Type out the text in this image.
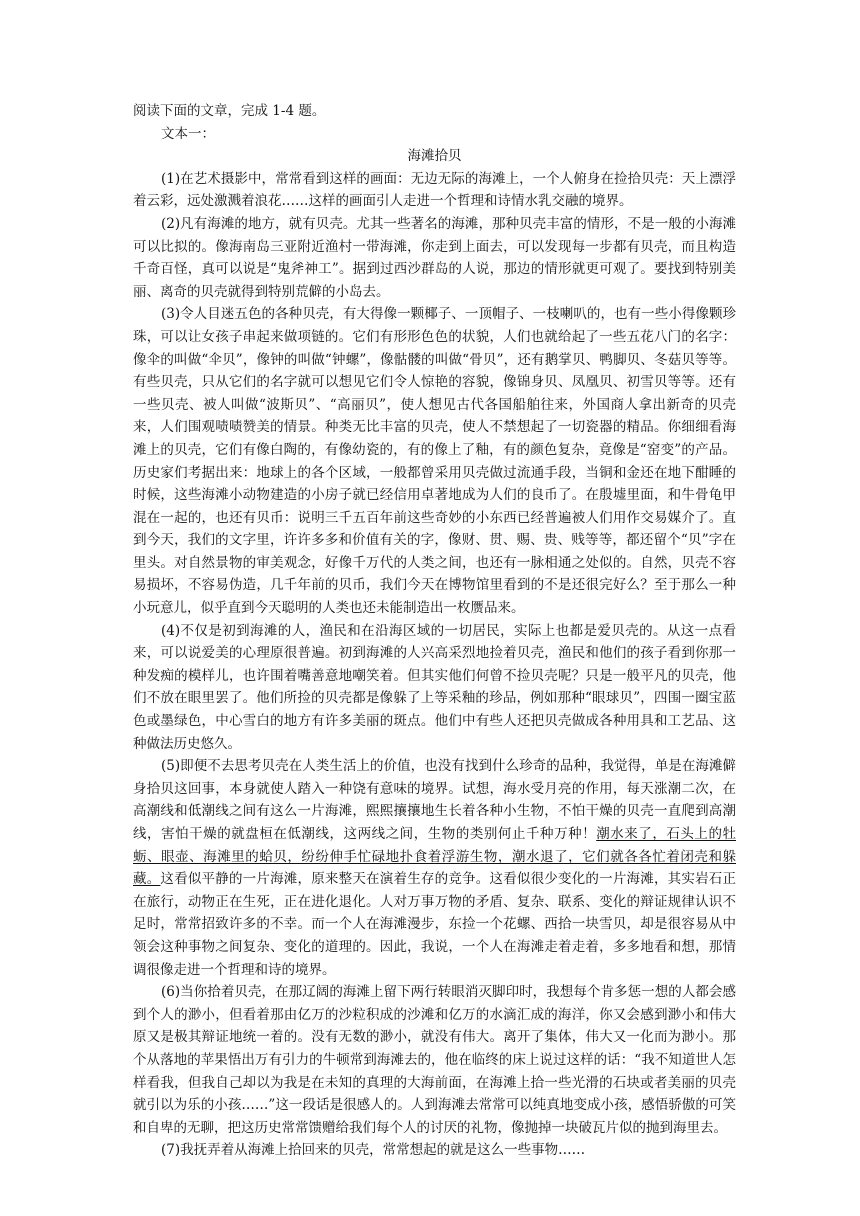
阅读下面的文章，完成 1-4 题。

文本一：

海滩拾贝

(1)在艺术摄影中，常常看到这样的画面：无边无际的海滩上，一个人俯身在捡拾贝壳：天上漂浮着云彩，远处激溅着浪花……这样的画面引人走进一个哲理和诗情水乳交融的境界。

(2)凡有海滩的地方，就有贝壳。尤其一些著名的海滩，那种贝壳丰富的情形，不是一般的小海滩可以比拟的。像海南岛三亚附近渔村一带海滩，你走到上面去，可以发现每一步都有贝壳，而且构造千奇百怪，真可以说是“鬼斧神工”。据到过西沙群岛的人说，那边的情形就更可观了。要找到特别美丽、离奇的贝壳就得到特别荒僻的小岛去。

(3)令人目迷五色的各种贝壳，有大得像一颗椰子、一顶帽子、一枝喇叭的，也有一些小得像颗珍珠，可以让女孩子串起来做项链的。它们有形形色色的状貌，人们也就给起了一些五花八门的名字：像伞的叫做“伞贝”，像钟的叫做“钟螺”，像骷髅的叫做“骨贝”，还有鹅掌贝、鸭脚贝、冬菇贝等等。有些贝壳，只从它们的名字就可以想见它们令人惊艳的容貌，像锦身贝、凤凰贝、初雪贝等等。还有一些贝壳、被人叫做“波斯贝”、“高丽贝”，使人想见古代各国船舶往来，外国商人拿出新奇的贝壳来，人们围观啧啧赞美的情景。种类无比丰富的贝壳，使人不禁想起了一切瓷器的精品。你细细看海滩上的贝壳，它们有像白陶的，有像幼瓷的，有的像上了釉，有的颜色复杂，竟像是“窑变”的产品。历史家们考据出来：地球上的各个区域，一般都曾采用贝壳做过流通手段，当铜和金还在地下酣睡的时候，这些海滩小动物建造的小房子就已经信用卓著地成为人们的良币了。在殷墟里面，和牛骨龟甲混在一起的，也还有贝币：说明三千五百年前这些奇妙的小东西已经普遍被人们用作交易媒介了。直到今天，我们的文字里，许许多多和价值有关的字，像财、贯、赐、贵、贱等等，都还留个“贝”字在里头。对自然景物的审美观念，好像千万代的人类之间，也还有一脉相通之处似的。自然，贝壳不容易损坏，不容易伪造，几千年前的贝币，我们今天在博物馆里看到的不是还很完好么？至于那么一种小玩意儿，似乎直到今天聪明的人类也还未能制造出一枚赝品来。

(4)不仅是初到海滩的人，渔民和在沿海区域的一切居民，实际上也都是爱贝壳的。从这一点看来，可以说爱美的心理原很普遍。初到海滩的人兴高采烈地捡着贝壳，渔民和他们的孩子看到你那一种发痴的模样儿，也许围着嘴善意地嘲笑着。但其实他们何曾不捡贝壳呢？只是一般平凡的贝壳，他们不放在眼里罢了。他们所捡的贝壳都是像躲了上等采釉的珍品，例如那种“眼球贝”，四围一圈宝蓝色或墨绿色，中心雪白的地方有许多美丽的斑点。他们中有些人还把贝壳做成各种用具和工艺品、这种做法历史悠久。

(5)即便不去思考贝壳在人类生活上的价值，也没有找到什么珍奇的品种，我觉得，单是在海滩僻身拾贝这回事，本身就使人踏入一种饶有意味的境界。试想，海水受月亮的作用，每天涨潮二次，在高潮线和低潮线之间有这么一片海滩，熙熙攘攘地生长着各种小生物，不怕干燥的贝壳一直爬到高潮线，害怕干燥的就盘桓在低潮线，这两线之间，生物的类别何止千种万种！潮水来了，石头上的牡蛎、眼壶、海滩里的蛤贝，纷纷伸手忙碌地扑食着浮游生物，潮水退了，它们就各各忙着闭壳和躲藏。这看似平静的一片海滩，原来整天在演着生存的竞争。这看似很少变化的一片海滩，其实岩石正在旅行，动物正在生死，正在进化退化。人对万事万物的矛盾、复杂、联系、变化的辩证规律认识不足时，常常招致许多的不幸。而一个人在海滩漫步，东捡一个花螺、西拾一块雪贝，却是很容易从中领会这种事物之间复杂、变化的道理的。因此，我说，一个人在海滩走着走着，多多地看和想，那情调很像走进一个哲理和诗的境界。

(6)当你拾着贝壳，在那辽阔的海滩上留下两行转眼消灭脚印时，我想每个肯多惩一想的人都会感到个人的渺小，但看着那由亿万的沙粒积成的沙滩和亿万的水滴汇成的海洋，你又会感到渺小和伟大原又是极其辩证地统一着的。没有无数的渺小，就没有伟大。离开了集体，伟大又一化而为渺小。那个从落地的苹果悟出万有引力的牛顿常到海滩去的，他在临终的床上说过这样的话：“我不知道世人怎样看我，但我自己却以为我是在未知的真理的大海前面，在海滩上拾一些光滑的石块或者美丽的贝壳就引以为乐的小孩……”这一段话是很感人的。人到海滩去常常可以纯真地变成小孩，感悟骄傲的可笑和自卑的无聊，把这历史常常馈赠给我们每个人的讨厌的礼物，像抛掉一块破瓦片似的抛到海里去。

(7)我抚弄着从海滩上拾回来的贝壳，常常想起的就是这么一些事物……
